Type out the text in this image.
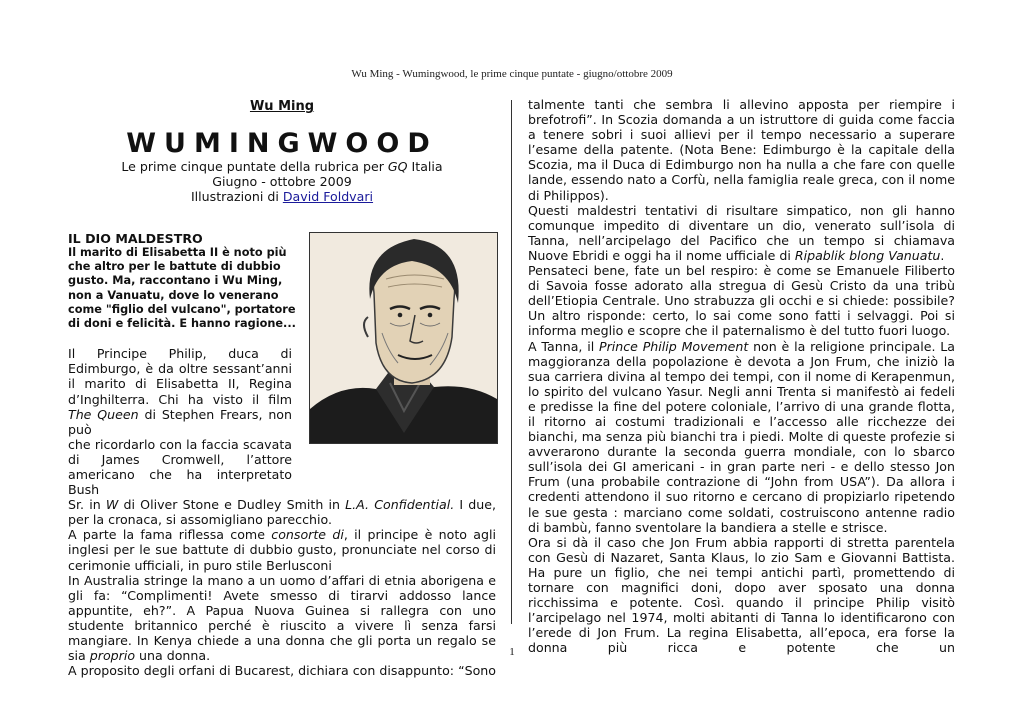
Wu Ming - Wumingwood, le prime cinque puntate - giugno/ottobre 2009
Wu Ming
WUMINGWOOD
Le prime cinque puntate della rubrica per GQ Italia
Giugno - ottobre 2009
Illustrazioni di David Foldvari
IL DIO MALDESTRO
Il marito di Elisabetta II è noto più
che altro per le battute di dubbio
gusto. Ma, raccontano i Wu Ming,
non a Vanuatu, dove lo venerano
come "figlio del vulcano", portatore
di doni e felicità. E hanno ragione...

Il Principe Philip, duca di

Edimburgo, è da oltre sessant’anni

il marito di Elisabetta II, Regina

d’Inghilterra. Chi ha visto il film The Queen di Stephen Frears, non può

che ricordarlo con la faccia scavata

di James Cromwell, l’attore

americano che ha interpretato Bush

Sr. in W di Oliver Stone e Dudley Smith in L.A. Confidential. I due, per la cronaca, si assomigliano parecchio.

A parte la fama riflessa come consorte di, il principe è noto agli inglesi per le sue battute di dubbio gusto, pronunciate nel corso di cerimonie ufficiali, in puro stile Berlusconi

In Australia stringe la mano a un uomo d’affari di etnia aborigena e gli fa: “Complimenti! Avete smesso di tirarvi addosso lance appuntite, eh?”. A Papua Nuova Guinea si rallegra con uno studente britannico perché è riuscito a vivere lì senza farsi mangiare. In Kenya chiede a una donna che gli porta un regalo se sia proprio una donna.

A proposito degli orfani di Bucarest, dichiara con disappunto: “Sono

talmente tanti che sembra li allevino apposta per riempire i brefotrofi”. In Scozia domanda a un istruttore di guida come faccia a tenere sobri i suoi allievi per il tempo necessario a superare l’esame della patente. (Nota Bene: Edimburgo è la capitale della Scozia, ma il Duca di Edimburgo non ha nulla a che fare con quelle lande, essendo nato a Corfù, nella famiglia reale greca, con il nome di Philippos).

Questi maldestri tentativi di risultare simpatico, non gli hanno comunque impedito di diventare un dio, venerato sull’isola di Tanna, nell’arcipelago del Pacifico che un tempo si chiamava Nuove Ebridi e oggi ha il nome ufficiale di Ripablik blong Vanuatu.

Pensateci bene, fate un bel respiro: è come se Emanuele Filiberto di Savoia fosse adorato alla stregua di Gesù Cristo da una tribù dell’Etiopia Centrale. Uno strabuzza gli occhi e si chiede: possibile? Un altro risponde: certo, lo sai come sono fatti i selvaggi. Poi si informa meglio e scopre che il paternalismo è del tutto fuori luogo.

A Tanna, il Prince Philip Movement non è la religione principale. La maggioranza della popolazione è devota a Jon Frum, che iniziò la sua carriera divina al tempo dei tempi, con il nome di Kerapenmun, lo spirito del vulcano Yasur. Negli anni Trenta si manifestò ai fedeli e predisse la fine del potere coloniale, l’arrivo di una grande flotta, il ritorno ai costumi tradizionali e l’accesso alle ricchezze dei bianchi, ma senza più bianchi tra i piedi. Molte di queste profezie si avverarono durante la seconda guerra mondiale, con lo sbarco sull’isola dei GI americani - in gran parte neri - e dello stesso Jon Frum (una probabile contrazione di “John from USA”). Da allora i credenti attendono il suo ritorno e cercano di propiziarlo ripetendo le sue gesta : marciano come soldati, costruiscono antenne radio di bambù, fanno sventolare la bandiera a stelle e strisce.

Ora si dà il caso che Jon Frum abbia rapporti di stretta parentela con Gesù di Nazaret, Santa Klaus, lo zio Sam e Giovanni Battista. Ha pure un figlio, che nei tempi antichi partì, promettendo di tornare con magnifici doni, dopo aver sposato una donna ricchissima e potente. Così. quando il principe Philip visitò l’arcipelago nel 1974, molti abitanti di Tanna lo identificarono con l’erede di Jon Frum. La regina Elisabetta, all’epoca, era forse la donna più ricca e potente che un

1
